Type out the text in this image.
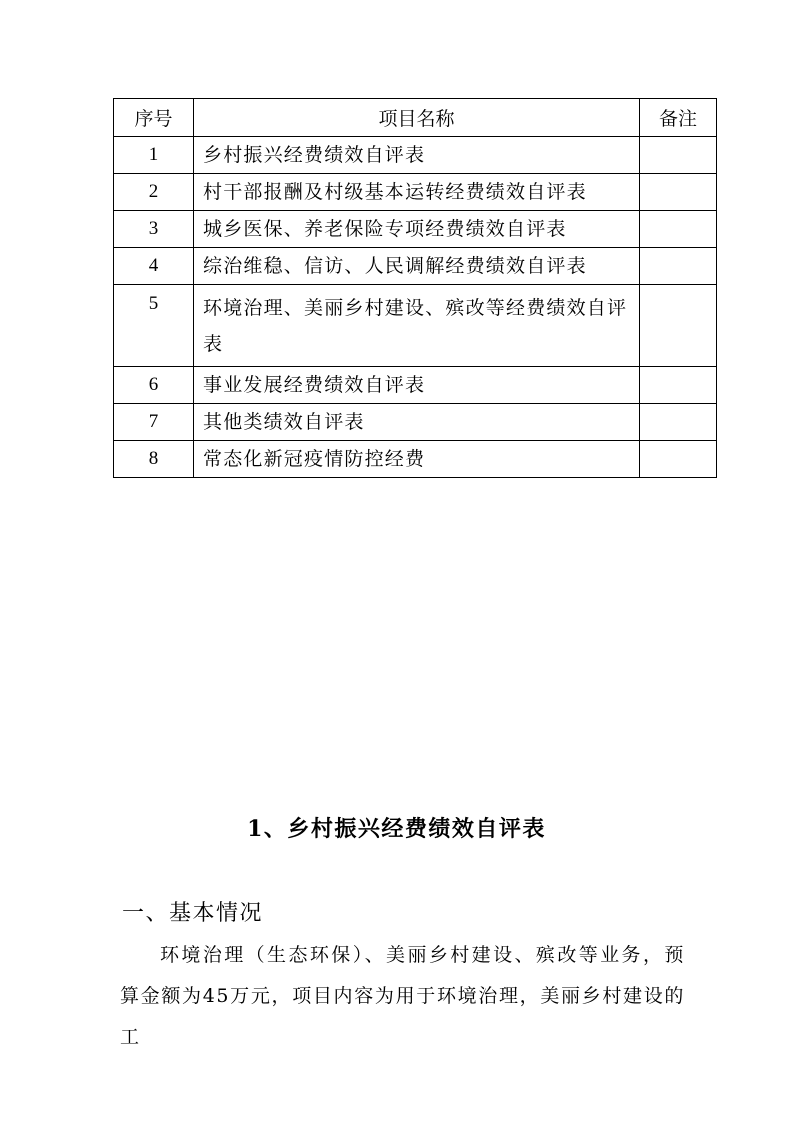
序号	项目名称	备注
1	乡村振兴经费绩效自评表	
2	村干部报酬及村级基本运转经费绩效自评表	
3	城乡医保、养老保险专项经费绩效自评表	
4	综治维稳、信访、人民调解经费绩效自评表	
5	环境治理、美丽乡村建设、殡改等经费绩效自评表	
6	事业发展经费绩效自评表	
7	其他类绩效自评表	
8	常态化新冠疫情防控经费	
1、乡村振兴经费绩效自评表
一、基本情况

环境治理（生态环保）、美丽乡村建设、殡改等业务，预算金额为45万元，项目内容为用于环境治理，美丽乡村建设的工
